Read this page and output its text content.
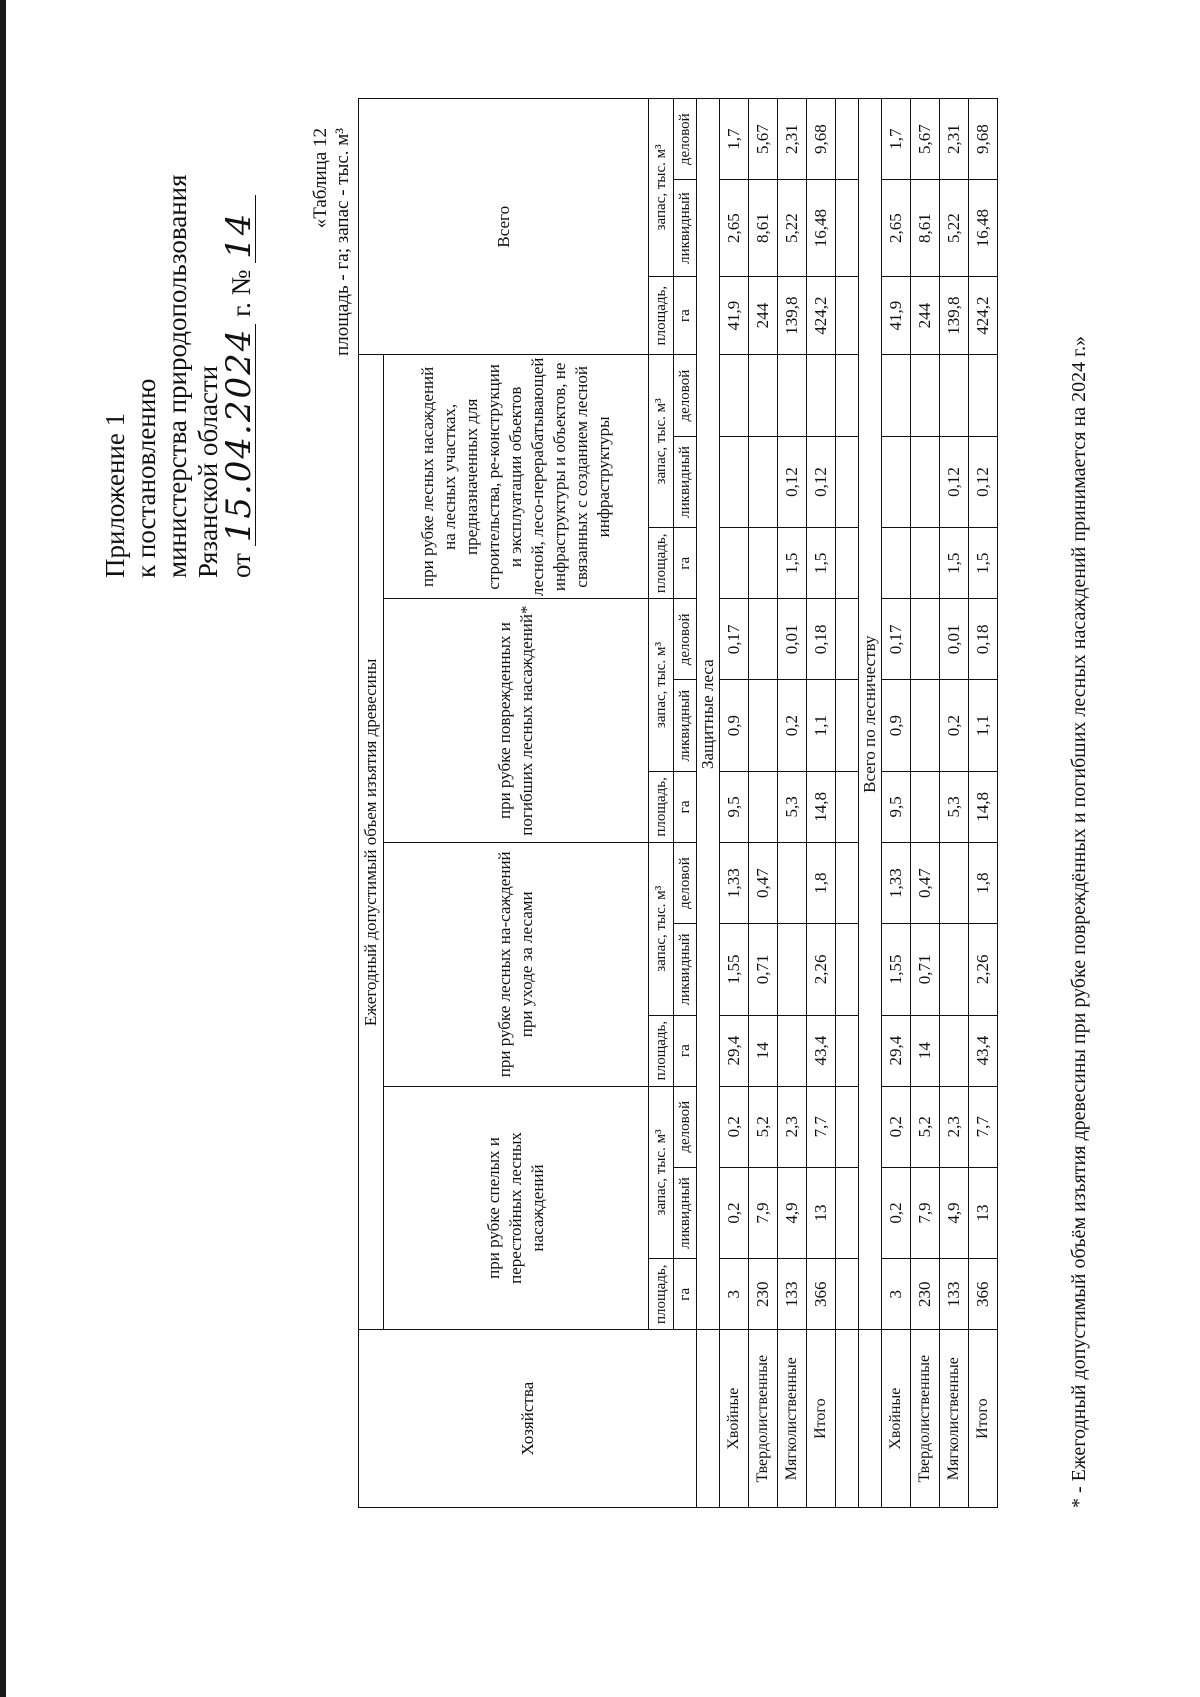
Приложение 1 к постановлению министерства природопользования Рязанской области от 15.04.2024 г. № 14
«Таблица 12 площадь - га; запас - тыс. м³
Хозяйства	Ежегодный допустимый объем изъятия древесины												Всего		
	при рубке спелых и перестойных лесных насаждений			при рубке лесных на-саждений при уходе за лесами			при рубке поврежденных и погибших лесных насаждений*			при рубке лесных насаждений на лесных участках, предназначенных для строительства, ре-конструкции и эксплуатации объектов лесной, лесо-перерабатывающей инфраструктуры и объектов, не связанных с созданием лесной инфраструктуры					
	площадь,	запас, тыс. м³		площадь,	запас, тыс. м³		площадь,	запас, тыс. м³		площадь,	запас, тыс. м³		площадь,	запас, тыс. м³	
	га	ликвидный	деловой	га	ликвидный	деловой	га	ликвидный	деловой	га	ликвидный	деловой	га	ликвидный	деловой
	Защитные леса														
Хвойные	3	0,2	0,2	29,4	1,55	1,33	9,5	0,9	0,17				41,9	2,65	1,7
Твердолиственные	230	7,9	5,2	14	0,71	0,47							244	8,61	5,67
Мягколиственные	133	4,9	2,3				5,3	0,2	0,01	1,5	0,12		139,8	5,22	2,31
Итого	366	13	7,7	43,4	2,26	1,8	14,8	1,1	0,18	1,5	0,12		424,2	16,48	9,68

	Всего по лесничеству														
Хвойные	3	0,2	0,2	29,4	1,55	1,33	9,5	0,9	0,17				41,9	2,65	1,7
Твердолиственные	230	7,9	5,2	14	0,71	0,47							244	8,61	5,67
Мягколиственные	133	4,9	2,3				5,3	0,2	0,01	1,5	0,12		139,8	5,22	2,31
Итого	366	13	7,7	43,4	2,26	1,8	14,8	1,1	0,18	1,5	0,12		424,2	16,48	9,68
* - Ежегодный допустимый объём изъятия древесины при рубке повреждённых и погибших лесных насаждений принимается на 2024 г.»
